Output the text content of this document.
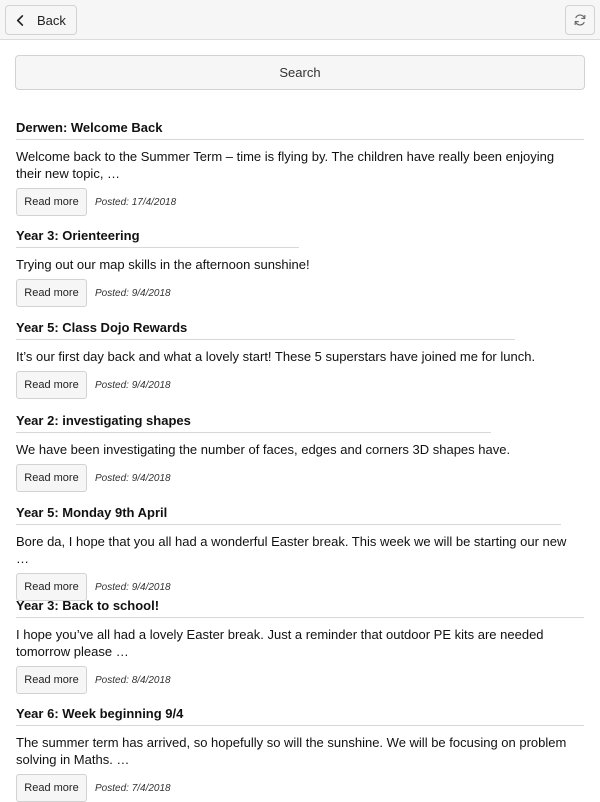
Back
Search
Derwen: Welcome Back
Welcome back to the Summer Term – time is flying by. The children have really been enjoying their new topic, …
Read more	Posted: 17/4/2018
Year 3: Orienteering
Trying out our map skills in the afternoon sunshine!
Read more	Posted: 9/4/2018
Year 5: Class Dojo Rewards
It’s our first day back and what a lovely start! These 5 superstars have joined me for lunch.
Read more	Posted: 9/4/2018
Year 2: investigating shapes
We have been investigating the number of faces, edges and corners 3D shapes have.
Read more	Posted: 9/4/2018
Year 5: Monday 9th April
Bore da, I hope that you all had a wonderful Easter break. This week we will be starting our new …
Read more	Posted: 9/4/2018
Year 3: Back to school!
I hope you’ve all had a lovely Easter break. Just a reminder that outdoor PE kits are needed tomorrow please …
Read more	Posted: 8/4/2018
Year 6: Week beginning 9/4
The summer term has arrived, so hopefully so will the sunshine. We will be focusing on problem solving in Maths. …
Read more	Posted: 7/4/2018
